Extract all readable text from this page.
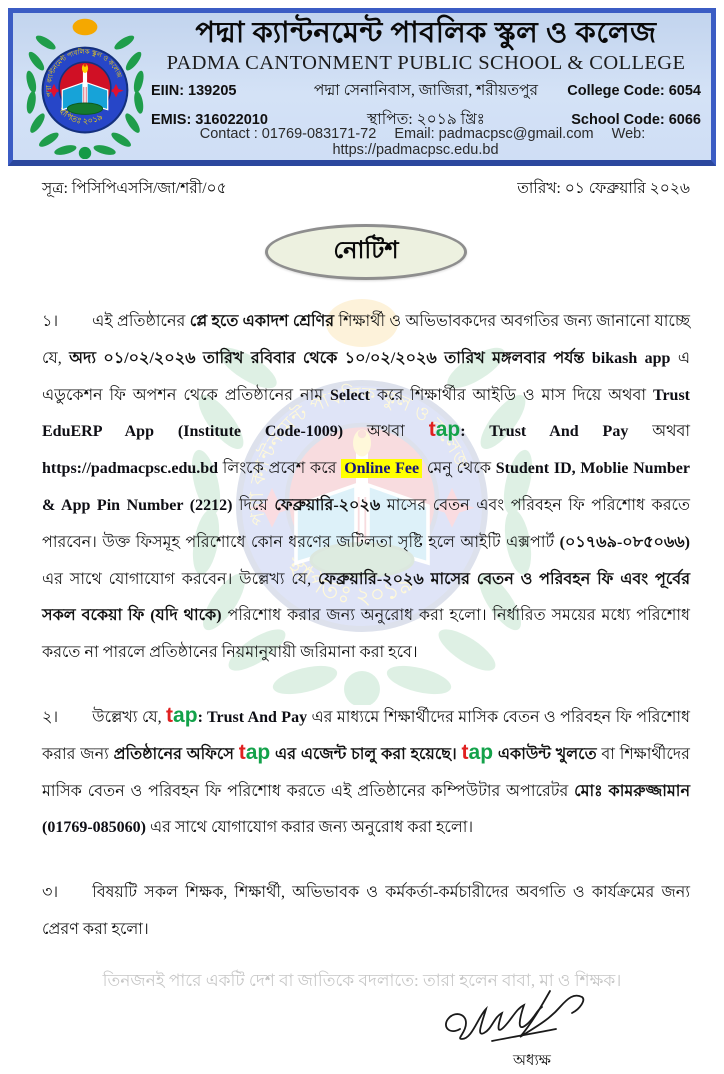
পদ্মা ক্যান্টনমেন্ট পাবলিক স্কুল ও কলেজ
PADMA CANTONMENT PUBLIC SCHOOL & COLLEGE
EIIN: 139205	পদ্মা সেনানিবাস, জাজিরা, শরীয়তপুর	College Code: 6054
EMIS: 316022010	স্থাপিত: ২০১৯ খ্রিঃ	School Code: 6066
Contact : 01769-083171-72 Email: padmacpsc@gmail.com Web: https://padmacpsc.edu.bd
সূত্র: পিসিপিএসসি/জা/শরী/০৫	তারিখ: ০১ ফেব্রুয়ারি ২০২৬
নোটিশ

১। এই প্রতিষ্ঠানের প্লে হতে একাদশ শ্রেণির শিক্ষার্থী ও অভিভাবকদের অবগতির জন্য জানানো যাচ্ছে যে, অদ্য ০১/০২/২০২৬ তারিখ রবিবার থেকে ১০/০২/২০২৬ তারিখ মঙ্গলবার পর্যন্ত bikash app এ এডুকেশন ফি অপশন থেকে প্রতিষ্ঠানের নাম Select করে শিক্ষার্থীর আইডি ও মাস দিয়ে অথবা Trust EduERP App (Institute Code-1009) অথবা tap: Trust And Pay অথবা https://padmacpsc.edu.bd লিংকে প্রবেশ করে Online Fee মেনু থেকে Student ID, Moblie Number & App Pin Number (2212) দিয়ে ফেব্রুয়ারি-২০২৬ মাসের বেতন এবং পরিবহন ফি পরিশোধ করতে পারবেন। উক্ত ফিসমূহ পরিশোধে কোন ধরণের জটিলতা সৃষ্টি হলে আইটি এক্সপার্ট (০১৭৬৯-০৮৫০৬৬) এর সাথে যোগাযোগ করবেন। উল্লেখ্য যে, ফেব্রুয়ারি-২০২৬ মাসের বেতন ও পরিবহন ফি এবং পূর্বের সকল বকেয়া ফি (যদি থাকে) পরিশোধ করার জন্য অনুরোধ করা হলো। নির্ধারিত সময়ের মধ্যে পরিশোধ করতে না পারলে প্রতিষ্ঠানের নিয়মানুযায়ী জরিমানা করা হবে।

২। উল্লেখ্য যে, tap: Trust And Pay এর মাধ্যমে শিক্ষার্থীদের মাসিক বেতন ও পরিবহন ফি পরিশোধ করার জন্য প্রতিষ্ঠানের অফিসে tap এর এজেন্ট চালু করা হয়েছে। tap একাউন্ট খুলতে বা শিক্ষার্থীদের মাসিক বেতন ও পরিবহন ফি পরিশোধ করতে এই প্রতিষ্ঠানের কম্পিউটার অপারেটর মোঃ কামরুজ্জামান (01769-085060) এর সাথে যোগাযোগ করার জন্য অনুরোধ করা হলো।

৩। বিষয়টি সকল শিক্ষক, শিক্ষার্থী, অভিভাবক ও কর্মকর্তা-কর্মচারীদের অবগতি ও কার্যক্রমের জন্য প্রেরণ করা হলো।

অধ্যক্ষ
তিনজনই পারে একটি দেশ বা জাতিকে বদলাতে: তারা হলেন বাবা, মা ও শিক্ষক।
